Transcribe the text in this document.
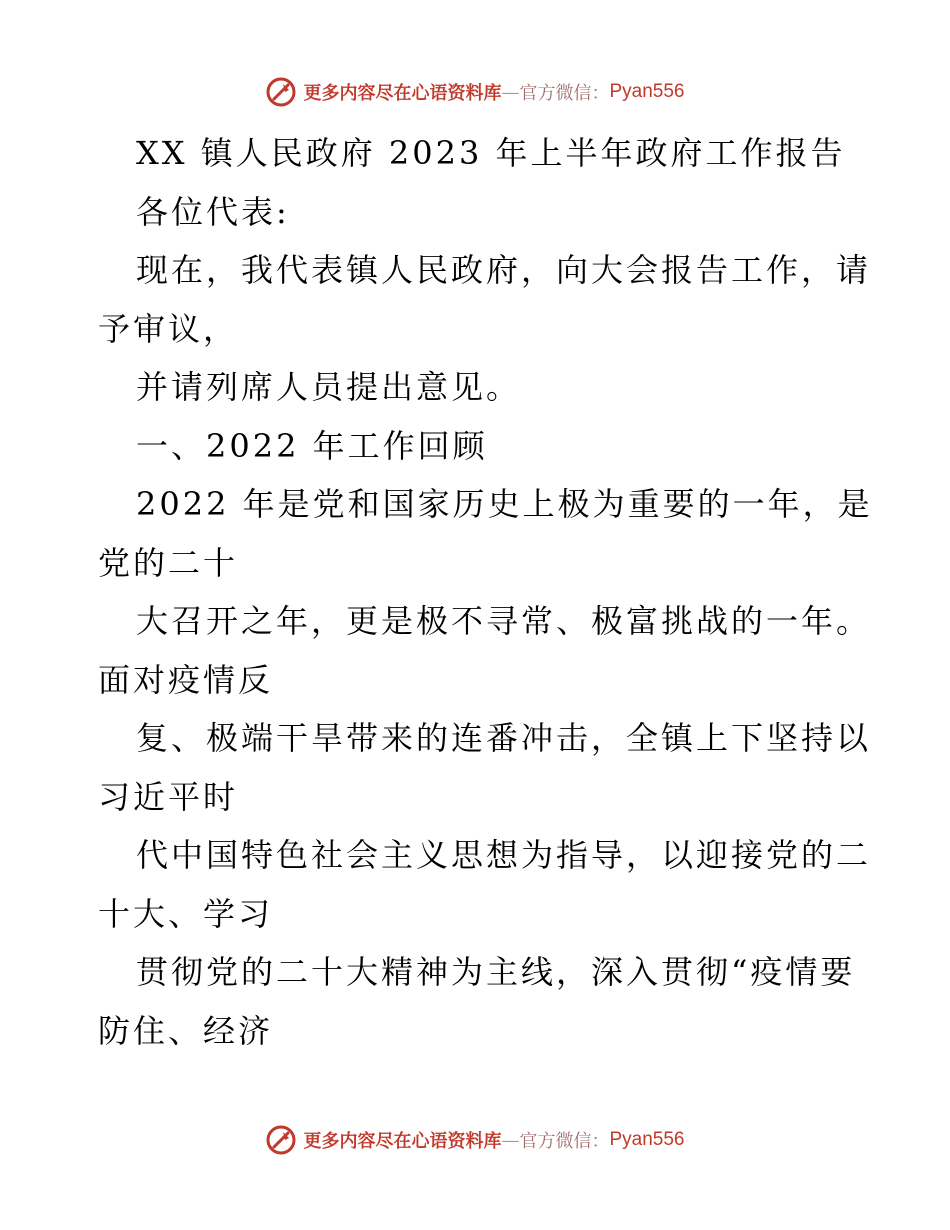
更多内容尽在心语资料库 — 官方微信： Pyan556
XX 镇人民政府 2023 年上半年政府工作报告
各位代表:
现在，我代表镇人民政府，向大会报告工作，请
予审议，
并请列席人员提出意见。
一、2022 年工作回顾
2022 年是党和国家历史上极为重要的一年，是
党的二十
大召开之年，更是极不寻常、极富挑战的一年。
面对疫情反
复、极端干旱带来的连番冲击，全镇上下坚持以
习近平时
代中国特色社会主义思想为指导，以迎接党的二
十大、学习
贯彻党的二十大精神为主线，深入贯彻“疫情要
防住、经济
更多内容尽在心语资料库 — 官方微信： Pyan556
